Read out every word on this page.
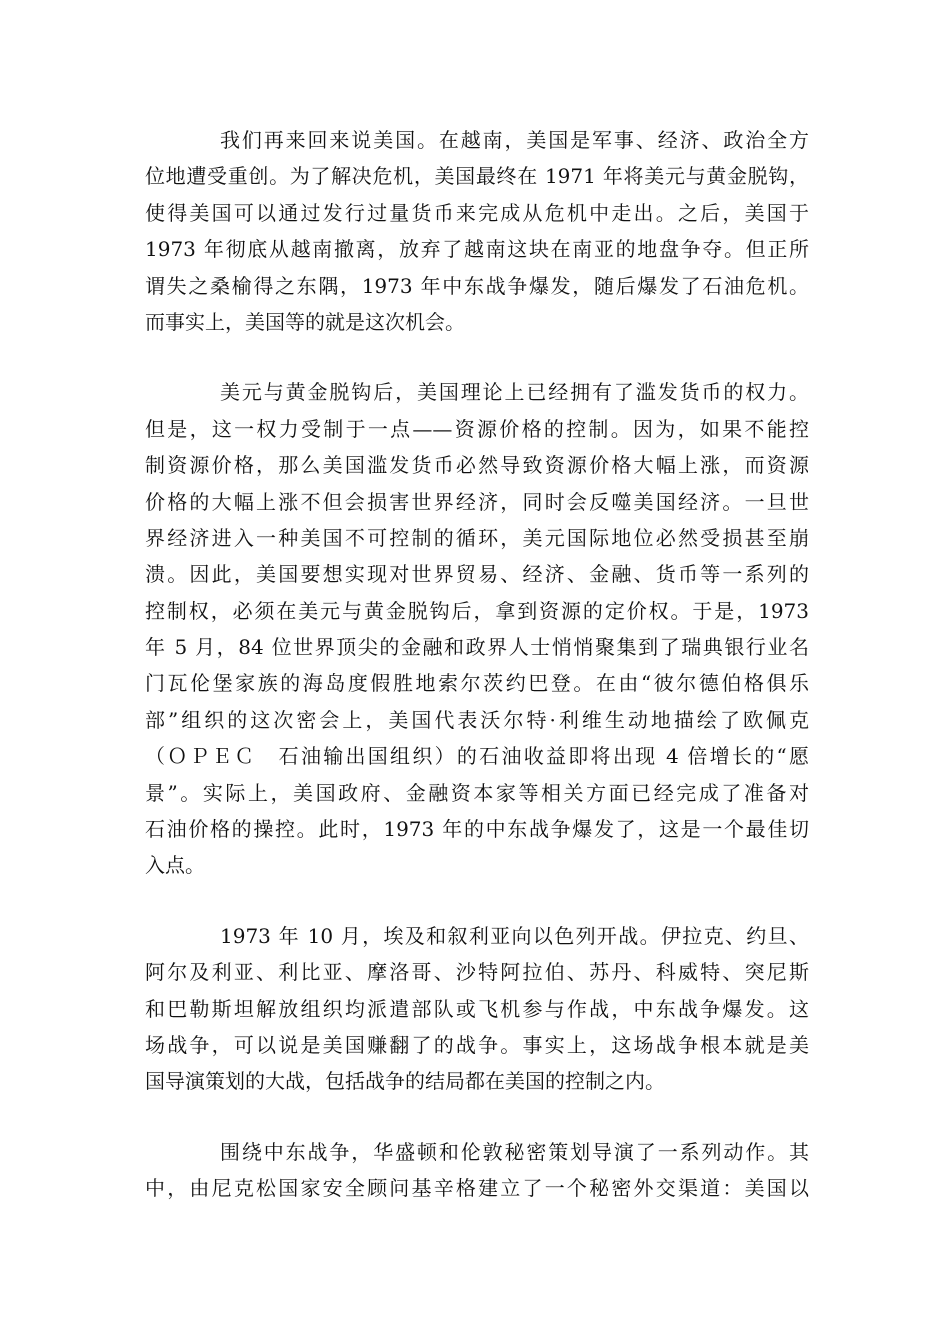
我们再来回来说美国。在越南，美国是军事、经济、政治全方
位地遭受重创。为了解决危机，美国最终在 1971 年将美元与黄金脱钩，
使得美国可以通过发行过量货币来完成从危机中走出。之后，美国于
1973 年彻底从越南撤离，放弃了越南这块在南亚的地盘争夺。但正所
谓失之桑榆得之东隅，1973 年中东战争爆发，随后爆发了石油危机。
而事实上，美国等的就是这次机会。

美元与黄金脱钩后，美国理论上已经拥有了滥发货币的权力。
但是，这一权力受制于一点——资源价格的控制。因为，如果不能控
制资源价格，那么美国滥发货币必然导致资源价格大幅上涨，而资源
价格的大幅上涨不但会损害世界经济，同时会反噬美国经济。一旦世
界经济进入一种美国不可控制的循环，美元国际地位必然受损甚至崩
溃。因此，美国要想实现对世界贸易、经济、金融、货币等一系列的
控制权，必须在美元与黄金脱钩后，拿到资源的定价权。于是，1973
年 5 月，84 位世界顶尖的金融和政界人士悄悄聚集到了瑞典银行业名
门瓦伦堡家族的海岛度假胜地索尔茨约巴登。在由“彼尔德伯格俱乐
部”组织的这次密会上，美国代表沃尔特·利维生动地描绘了欧佩克
（ＯＰＥＣ　石油输出国组织）的石油收益即将出现 4 倍增长的“愿
景”。实际上，美国政府、金融资本家等相关方面已经完成了准备对
石油价格的操控。此时，1973 年的中东战争爆发了，这是一个最佳切
入点。

1973 年 10 月，埃及和叙利亚向以色列开战。伊拉克、约旦、
阿尔及利亚、利比亚、摩洛哥、沙特阿拉伯、苏丹、科威特、突尼斯
和巴勒斯坦解放组织均派遣部队或飞机参与作战，中东战争爆发。这
场战争，可以说是美国赚翻了的战争。事实上，这场战争根本就是美
国导演策划的大战，包括战争的结局都在美国的控制之内。

围绕中东战争，华盛顿和伦敦秘密策划导演了一系列动作。其
中，由尼克松国家安全顾问基辛格建立了一个秘密外交渠道：美国以
